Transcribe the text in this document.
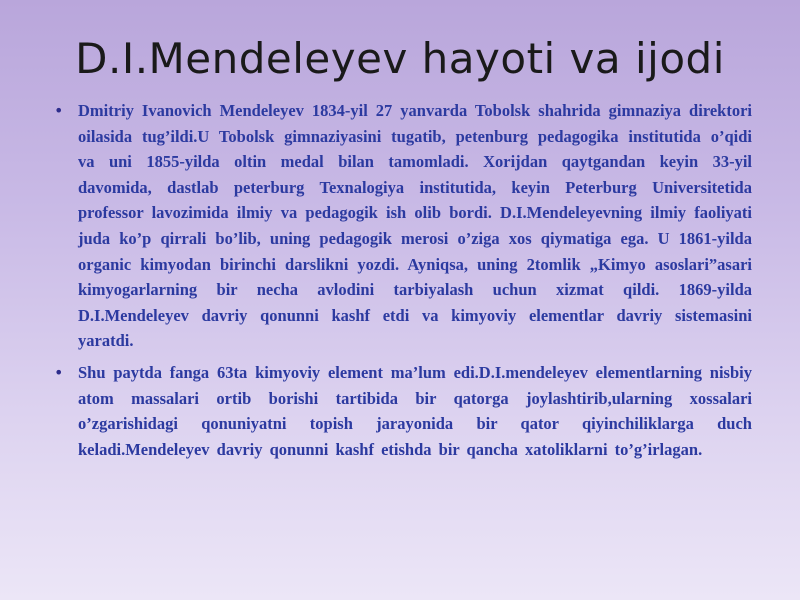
D.I.Mendeleyev hayoti va ijodi
• Dmitriy Ivanovich Mendeleyev 1834-yil 27 yanvarda Tobolsk shahrida gimnaziya direktori oilasida tug’ildi.U Tobolsk gimnaziyasini tugatib, petenburg pedagogika institutida o’qidi va uni 1855-yilda oltin medal bilan tamomladi. Xorijdan qaytgandan keyin 33-yil davomida, dastlab peterburg Texnalogiya institutida, keyin Peterburg Universitetida professor lavozimida ilmiy va pedagogik ish olib bordi. D.I.Mendeleyevning ilmiy faoliyati juda ko’p qirrali bo’lib, uning pedagogik merosi o’ziga xos qiymatiga ega. U 1861-yilda organic kimyodan birinchi darslikni yozdi. Ayniqsa, uning 2tomlik „Kimyo asoslari”asari kimyogarlarning bir necha avlodini tarbiyalash uchun xizmat qildi. 1869-yilda D.I.Mendeleyev davriy qonunni kashf etdi va kimyoviy elementlar davriy sistemasini yaratdi.
• Shu paytda fanga 63ta kimyoviy element ma’lum edi.D.I.mendeleyev elementlarning nisbiy atom massalari ortib borishi tartibida bir qatorga joylashtirib,ularning xossalari o’zgarishidagi qonuniyatni topish jarayonida bir qator qiyinchiliklarga duch keladi.Mendeleyev davriy qonunni kashf etishda bir qancha xatoliklarni to’g’irlagan.
